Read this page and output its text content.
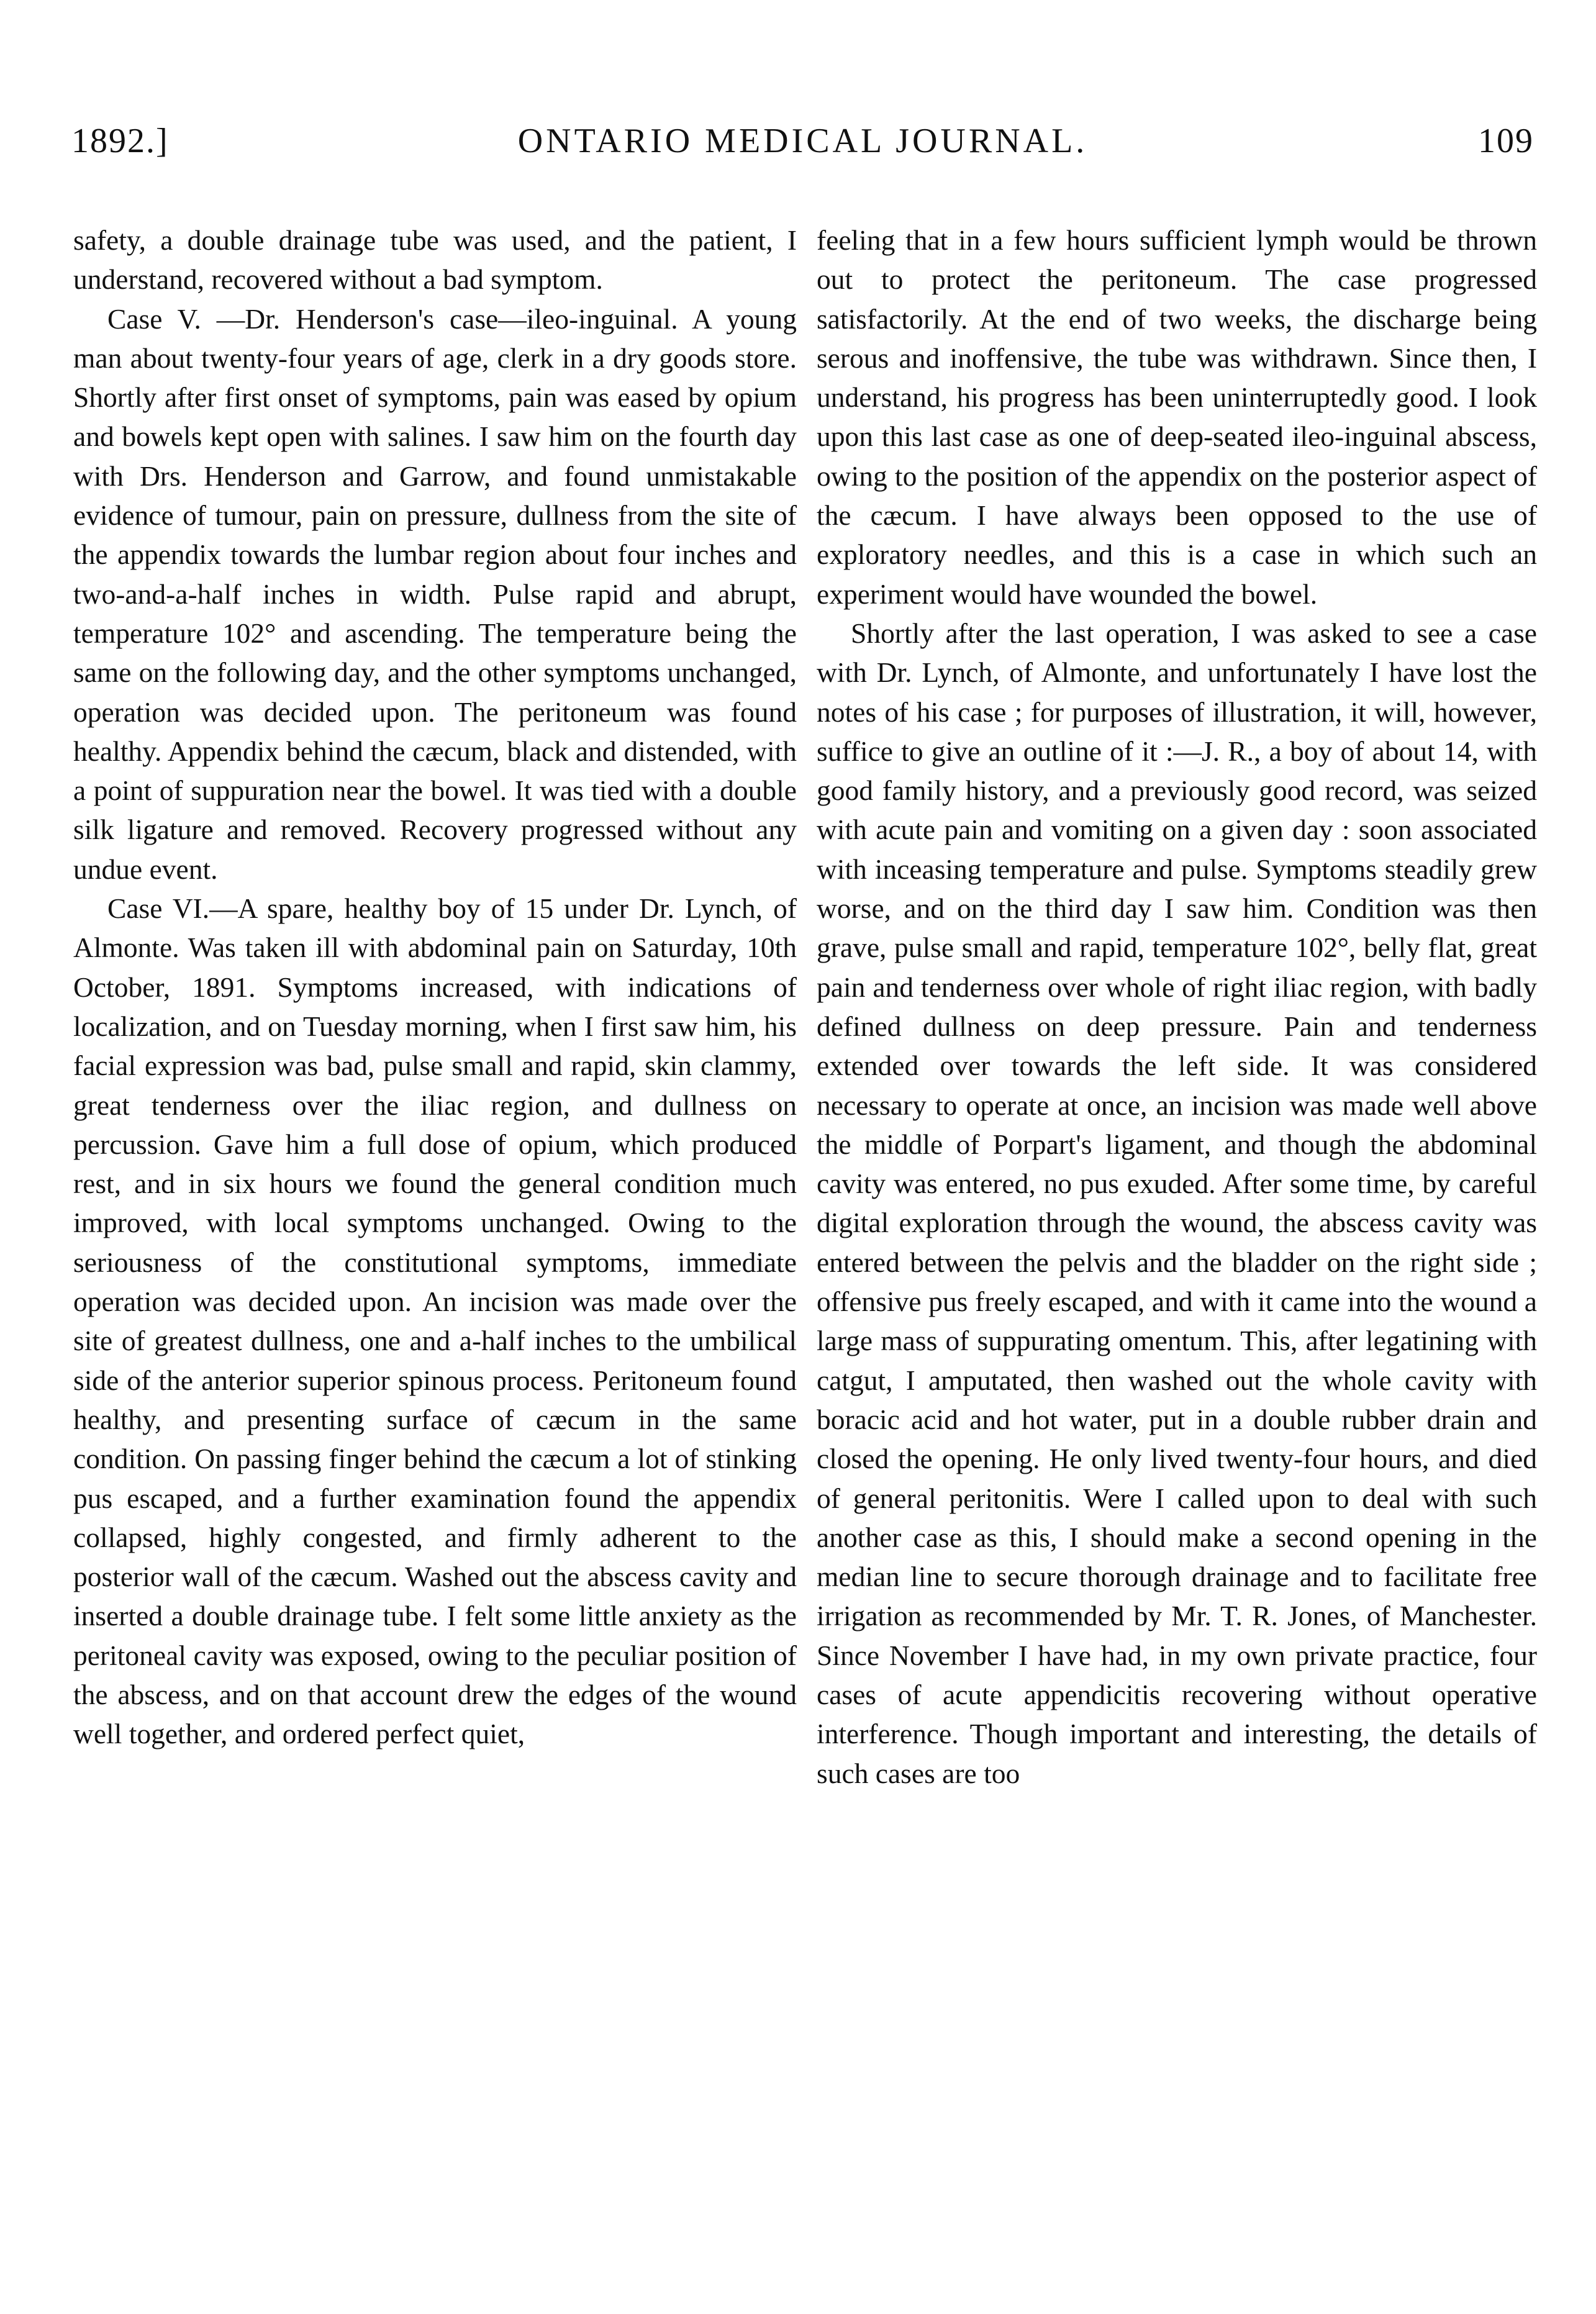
1892.]	ONTARIO MEDICAL JOURNAL.	109

safety, a double drainage tube was used, and the patient, I understand, recovered without a bad symptom.

Case V. —Dr. Henderson's case—ileo-inguinal. A young man about twenty-four years of age, clerk in a dry goods store. Shortly after first onset of symptoms, pain was eased by opium and bowels kept open with salines. I saw him on the fourth day with Drs. Henderson and Garrow, and found unmistakable evidence of tumour, pain on pressure, dullness from the site of the appendix towards the lumbar region about four inches and two-and-a-half inches in width. Pulse rapid and abrupt, temperature 102° and ascending. The temperature being the same on the following day, and the other symptoms unchanged, operation was decided upon. The peritoneum was found healthy. Appendix behind the cæcum, black and distended, with a point of suppuration near the bowel. It was tied with a double silk ligature and removed. Recovery progressed without any undue event.

Case VI.—A spare, healthy boy of 15 under Dr. Lynch, of Almonte. Was taken ill with abdominal pain on Saturday, 10th October, 1891. Symptoms increased, with indications of localization, and on Tuesday morning, when I first saw him, his facial expression was bad, pulse small and rapid, skin clammy, great tenderness over the iliac region, and dullness on percussion. Gave him a full dose of opium, which produced rest, and in six hours we found the general condition much improved, with local symptoms unchanged. Owing to the seriousness of the constitutional symptoms, immediate operation was decided upon. An incision was made over the site of greatest dullness, one and a-half inches to the umbilical side of the anterior superior spinous process. Peritoneum found healthy, and presenting surface of cæcum in the same condition. On passing finger behind the cæcum a lot of stinking pus escaped, and a further examination found the appendix collapsed, highly congested, and firmly adherent to the posterior wall of the cæcum. Washed out the abscess cavity and inserted a double drainage tube. I felt some little anxiety as the peritoneal cavity was exposed, owing to the peculiar position of the abscess, and on that account drew the edges of the wound well together, and ordered perfect quiet,

feeling that in a few hours sufficient lymph would be thrown out to protect the peritoneum. The case progressed satisfactorily. At the end of two weeks, the discharge being serous and inoffensive, the tube was withdrawn. Since then, I understand, his progress has been uninterruptedly good. I look upon this last case as one of deep-seated ileo-inguinal abscess, owing to the position of the appendix on the posterior aspect of the cæcum. I have always been opposed to the use of exploratory needles, and this is a case in which such an experiment would have wounded the bowel.

Shortly after the last operation, I was asked to see a case with Dr. Lynch, of Almonte, and unfortunately I have lost the notes of his case ; for purposes of illustration, it will, however, suffice to give an outline of it :—J. R., a boy of about 14, with good family history, and a previously good record, was seized with acute pain and vomiting on a given day : soon associated with inceasing temperature and pulse. Symptoms steadily grew worse, and on the third day I saw him. Condition was then grave, pulse small and rapid, temperature 102°, belly flat, great pain and tenderness over whole of right iliac region, with badly defined dullness on deep pressure. Pain and tenderness extended over towards the left side. It was considered necessary to operate at once, an incision was made well above the middle of Porpart's ligament, and though the abdominal cavity was entered, no pus exuded. After some time, by careful digital exploration through the wound, the abscess cavity was entered between the pelvis and the bladder on the right side ; offensive pus freely escaped, and with it came into the wound a large mass of suppurating omentum. This, after legatining with catgut, I amputated, then washed out the whole cavity with boracic acid and hot water, put in a double rubber drain and closed the opening. He only lived twenty-four hours, and died of general peritonitis. Were I called upon to deal with such another case as this, I should make a second opening in the median line to secure thorough drainage and to facilitate free irrigation as recommended by Mr. T. R. Jones, of Manchester. Since November I have had, in my own private practice, four cases of acute appendicitis recovering without operative interference. Though important and interesting, the details of such cases are too
